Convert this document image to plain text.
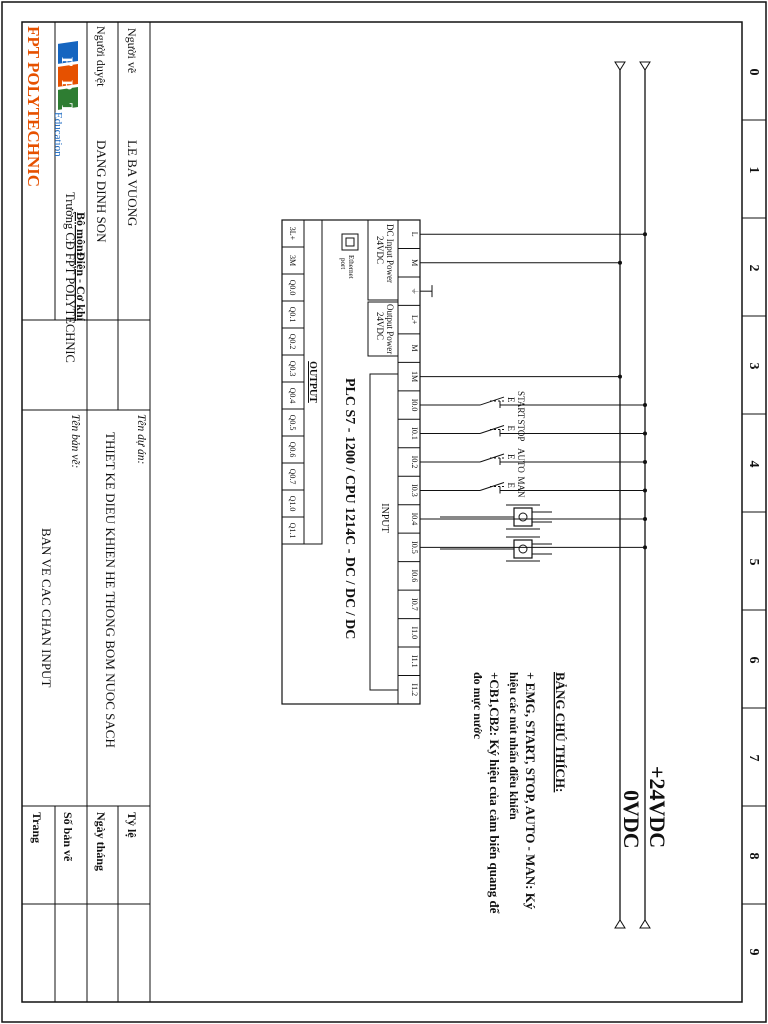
0
1
2
3
4
5
6
7
8
9
Người vẽ
LE BA VUONG
Người duyệt
DANG DINH SON
Trường CĐ FPT POLYTECHNIC
Bộ môn:
Điện - Cơ khí
Tên dự án:
THIET KE DIEU KHIEN HE THONG BOM NUOC SACH
Tên bản vẽ:
BAN VE CAC CHAN INPUT
Tỷ lệ
Ngày tháng
Số bản vẽ
Trang
F
P
T
Education
FPT POLYTECHNIC
+24VDC
0VDC
BẢNG CHÚ THÍCH:
+ EMG, START, STOP, AUTO - MAN: Ký
hiệu các nút nhấn điều khiển
+CB1,CB2: Ký hiệu của cảm biến quang để
đo mực nước
L
M
⏚
L+
M
1M
I0.0
I0.1
I0.2
I0.3
I0.4
I0.5
I0.6
I0.7
I1.0
I1.1
I1.2
3L+
3M
Q0.0
Q0.1
Q0.2
Q0.3
Q0.4
Q0.5
Q0.6
Q0.7
Q1.0
Q1.1
DC Input Power
24VDC
Output Power
24VDC
INPUT
OUTPUT
Ethernet
port
PLC S7 - 1200 / CPU 1214C - DC / DC / DC	E START
E STOP
E AUTO
E MAN
